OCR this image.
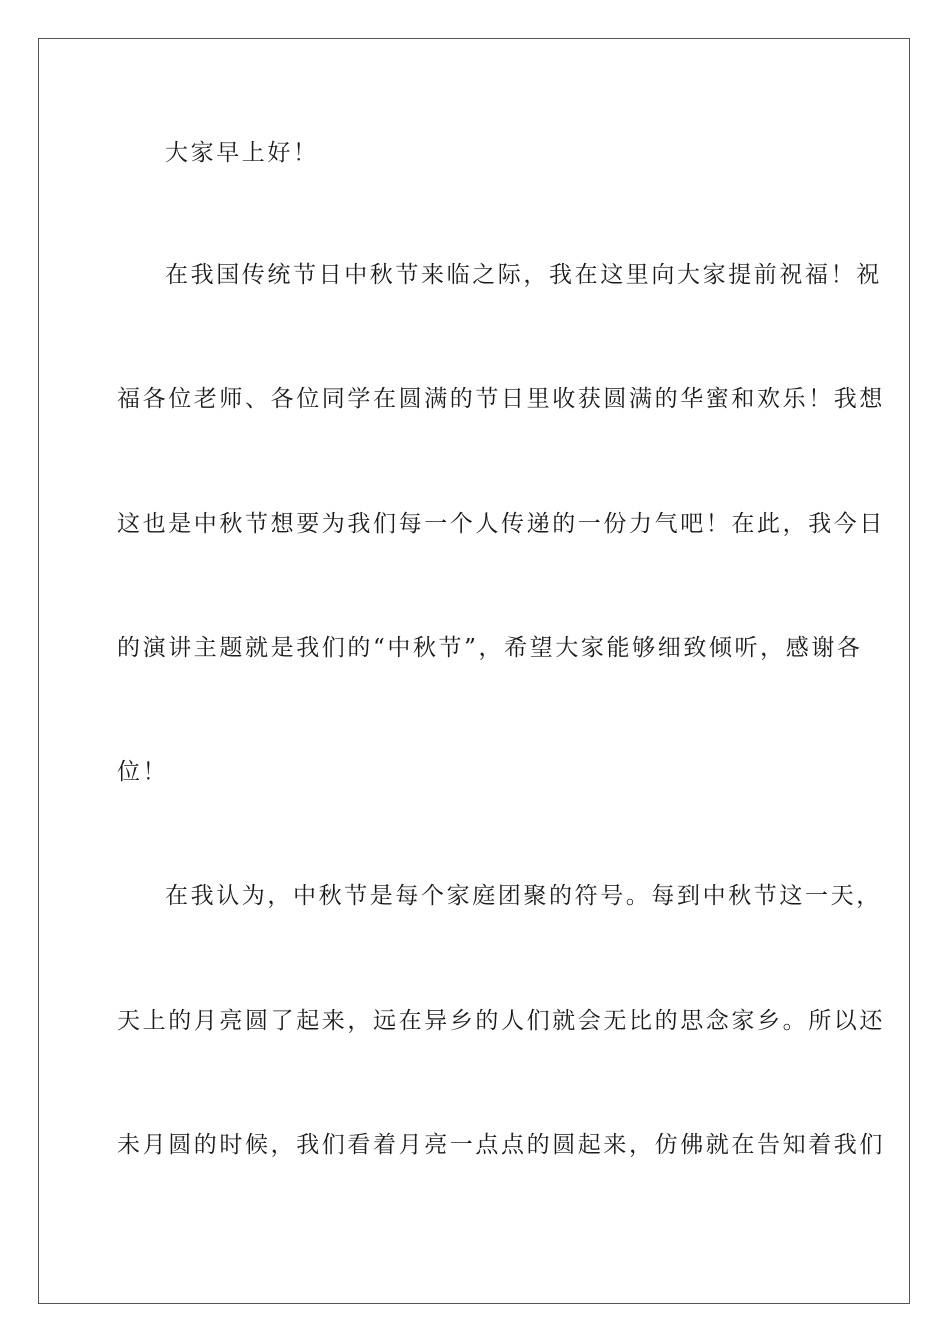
大家早上好！
在我国传统节日中秋节来临之际，我在这里向大家提前祝福！祝
福各位老师、各位同学在圆满的节日里收获圆满的华蜜和欢乐！我想
这也是中秋节想要为我们每一个人传递的一份力气吧！在此，我今日
的演讲主题就是我们的“中秋节”，希望大家能够细致倾听，感谢各
位！
在我认为，中秋节是每个家庭团聚的符号。每到中秋节这一天，
天上的月亮圆了起来，远在异乡的人们就会无比的思念家乡。所以还
未月圆的时候，我们看着月亮一点点的圆起来，仿佛就在告知着我们
